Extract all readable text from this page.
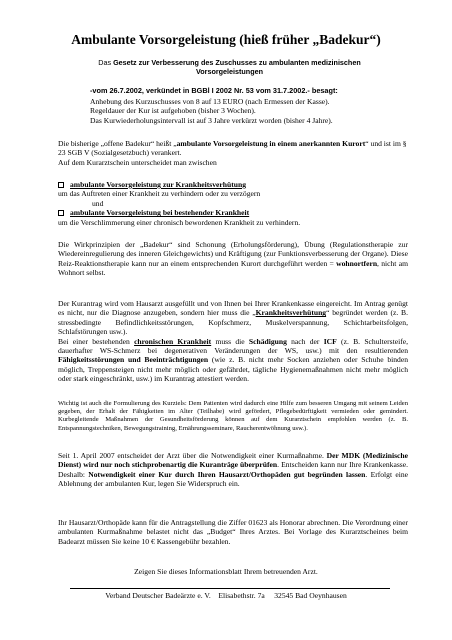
Ambulante Vorsorgeleistung (hieß früher „Badekur“)
Das Gesetz zur Verbesserung des Zuschusses zu ambulanten medizinischen Vorsorgeleistungen
-vom 26.7.2002, verkündet in BGBl I 2002 Nr. 53 vom 31.7.2002.- besagt:
Anhebung des Kurzuschusses von 8 auf 13 EURO (nach Ermessen der Kasse).
Regeldauer der Kur ist aufgehoben (bisher 3 Wochen).
Das Kurwiederholungsintervall ist auf 3 Jahre verkürzt worden (bisher 4 Jahre).
Die bisherige „offene Badekur“ heißt „ambulante Vorsorgeleistung in einem anerkannten Kurort“ und ist im § 23 SGB V (Sozialgesetzbuch) verankert.
Auf dem Kurarztschein unterscheidet man zwischen
ambulante Vorsorgeleistung zur Krankheitsverhütung
um das Auftreten einer Krankheit zu verhindern oder zu verzögern
und
ambulante Vorsorgeleistung bei bestehender Krankheit
um die Verschlimmerung einer chronisch bewordenen Krankheit zu verhindern.
Die Wirkprinzipien der „Badekur“ sind Schonung (Erholungsförderung), Übung (Regulationstherapie zur Wiedereinregulierung des inneren Gleichgewichts) und Kräftigung (zur Funktionsverbesserung der Organe). Diese Reiz-Reaktionstherapie kann nur an einem entsprechenden Kurort durchgeführt werden = wohnortfern, nicht am Wohnort selbst.
Der Kurantrag wird vom Hausarzt ausgefüllt und von Ihnen bei Ihrer Krankenkasse eingereicht. Im Antrag genügt es nicht, nur die Diagnose anzugeben, sondern hier muss die „Krankheitsverhütung“ begründet werden (z. B. stressbedingte Befindlichkeitsstörungen, Kopfschmerz, Muskelverspannung, Schichtarbeitsfolgen, Schlafstörungen usw.).
Bei einer bestehenden chronischen Krankheit muss die Schädigung nach der ICF (z. B. Schultersteife, dauerhafter WS-Schmerz bei degenerativen Veränderungen der WS, usw.) mit den resultierenden Fähigkeitsstörungen und Beeinträchtigungen (wie z. B. nicht mehr Socken anziehen oder Schuhe binden möglich, Treppensteigen nicht mehr möglich oder gefährdet, tägliche Hygienemaßnahmen nicht mehr möglich oder stark eingeschränkt, usw.) im Kurantrag attestiert werden.
Wichtig ist auch die Formulierung des Kurziels: Dem Patienten wird dadurch eine Hilfe zum besseren Umgang mit seinem Leiden gegeben, der Erhalt der Fähigkeiten im Alter (Teilhabe) wird gefördert, Pflegebedürftigkeit vermieden oder gemindert. Kurbegleitende Maßnahmen der Gesundheitsförderung können auf dem Kurarztschein empfohlen werden (z. B. Entspannungstechniken, Bewegungstraining, Ernährungsseminare, Raucherentwöhnung usw.).
Seit 1. April 2007 entscheidet der Arzt über die Notwendigkeit einer Kurmaßnahme. Der MDK (Medizinische Dienst) wird nur noch stichprobenartig die Kuranträge überprüfen. Entscheiden kann nur Ihre Krankenkasse. Deshalb: Notwendigkeit einer Kur durch Ihren Hausarzt/Orthopäden gut begründen lassen. Erfolgt eine Ablehnung der ambulanten Kur, legen Sie Widerspruch ein.
Ihr Hausarzt/Orthopäde kann für die Antragstellung die Ziffer 01623 als Honorar abrechnen. Die Verordnung einer ambulanten Kurmaßnahme belastet nicht das „Budget“ Ihres Arztes. Bei Vorlage des Kurarztscheines beim Badearzt müssen Sie keine 10 € Kassengebühr bezahlen.
Zeigen Sie dieses Informationsblatt Ihrem betreuenden Arzt.
Verband Deutscher Badeärzte e. V.    Elisabethstr. 7a     32545 Bad Oeynhausen
